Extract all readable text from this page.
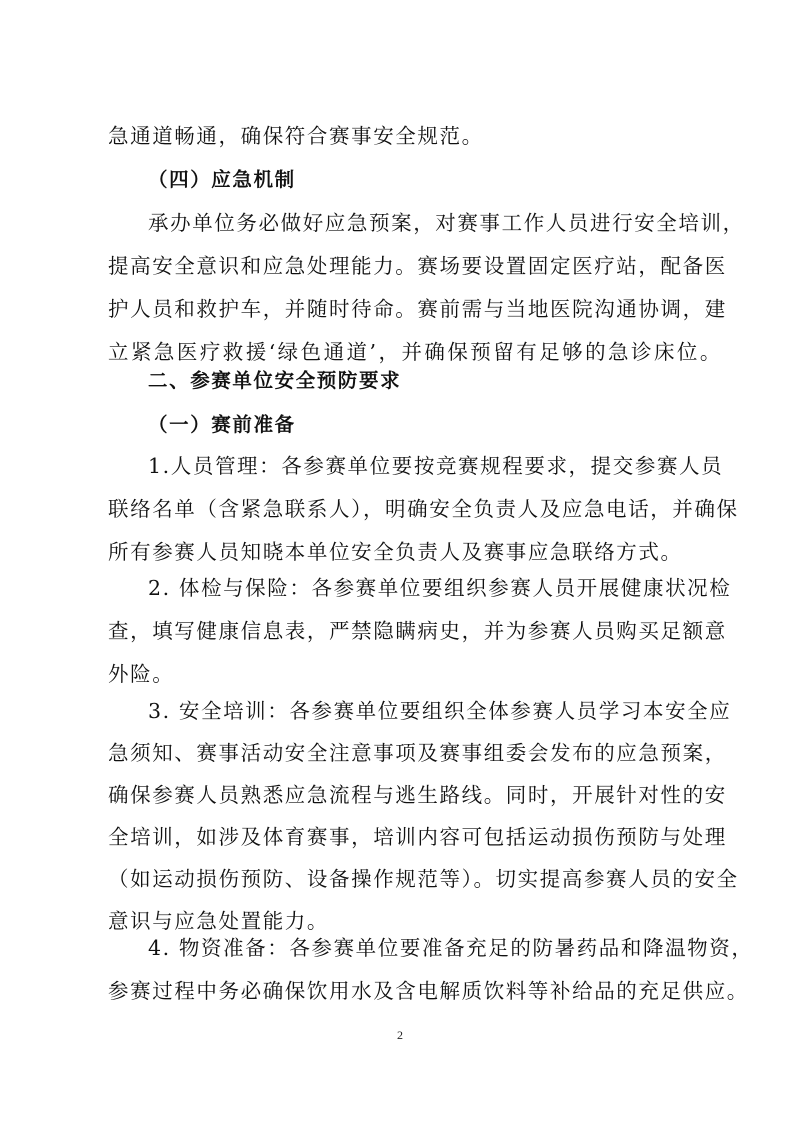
急通道畅通，确保符合赛事安全规范。
（四）应急机制
承办单位务必做好应急预案，对赛事工作人员进行安全培训，
提高安全意识和应急处理能力。赛场要设置固定医疗站，配备医
护人员和救护车，并随时待命。赛前需与当地医院沟通协调，建
立紧急医疗救援‘绿色通道’，并确保预留有足够的急诊床位。
二、参赛单位安全预防要求
（一）赛前准备
1.人员管理：各参赛单位要按竞赛规程要求，提交参赛人员
联络名单（含紧急联系人），明确安全负责人及应急电话，并确保
所有参赛人员知晓本单位安全负责人及赛事应急联络方式。
2. 体检与保险：各参赛单位要组织参赛人员开展健康状况检
查，填写健康信息表，严禁隐瞒病史，并为参赛人员购买足额意
外险。
3. 安全培训：各参赛单位要组织全体参赛人员学习本安全应
急须知、赛事活动安全注意事项及赛事组委会发布的应急预案，
确保参赛人员熟悉应急流程与逃生路线。同时，开展针对性的安
全培训，如涉及体育赛事，培训内容可包括运动损伤预防与处理
（如运动损伤预防、设备操作规范等）。切实提高参赛人员的安全
意识与应急处置能力。
4. 物资准备：各参赛单位要准备充足的防暑药品和降温物资，
参赛过程中务必确保饮用水及含电解质饮料等补给品的充足供应。
2
